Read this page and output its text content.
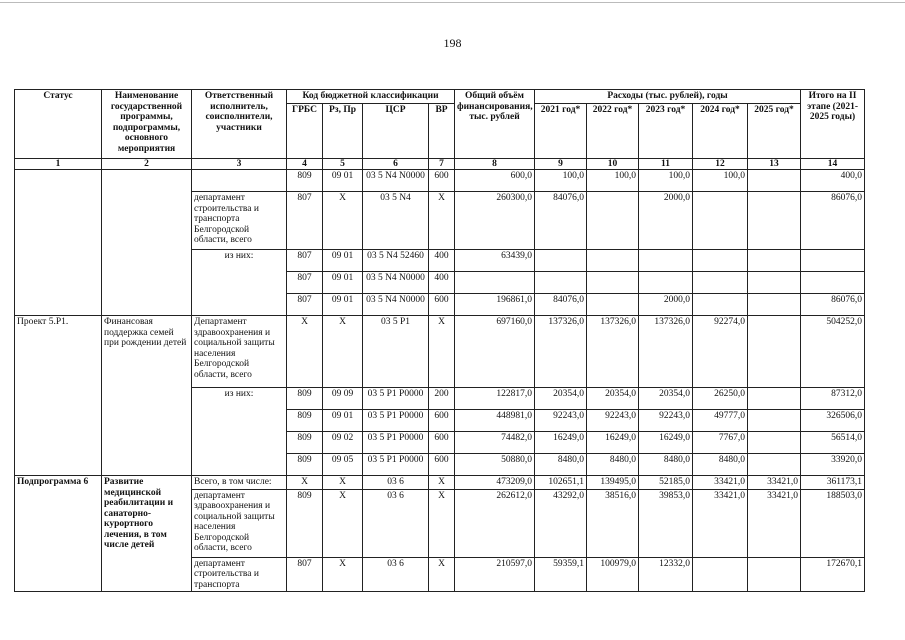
198
Статус	Наименование государственной программы, подпрограммы, основного мероприятия	Ответственный исполнитель, соисполнители, участники	Код бюджетной классификации				Общий объём финансирования, тыс. рублей	Расходы (тыс. рублей), годы					Итого на II этапе (2021-2025 годы)
			ГРБС	Рз, Пр	ЦСР	ВР		2021 год*	2022 год*	2023 год*	2024 год*	2025 год*	
1	2	3	4	5	6	7	8	9	10	11	12	13	14
			809	09 01	03 5 N4 N0000	600	600,0	100,0	100,0	100,0	100,0		400,0
		департамент строительства и транспорта Белгородской области, всего	807	Х	03 5 N4	Х	260300,0	84076,0		2000,0			86076,0
		из них:	807	09 01	03 5 N4 52460	400	63439,0						
			807	09 01	03 5 N4 N0000	400							
			807	09 01	03 5 N4 N0000	600	196861,0	84076,0		2000,0			86076,0
Проект 5.Р1.	Финансовая поддержка семей при рождении детей	Департамент здравоохранения и социальной защиты населения Белгородской области, всего	Х	Х	03 5 Р1	Х	697160,0	137326,0	137326,0	137326,0	92274,0		504252,0
		из них:	809	09 09	03 5 Р1 Р0000	200	122817,0	20354,0	20354,0	20354,0	26250,0		87312,0
			809	09 01	03 5 Р1 Р0000	600	448981,0	92243,0	92243,0	92243,0	49777,0		326506,0
			809	09 02	03 5 Р1 Р0000	600	74482,0	16249,0	16249,0	16249,0	7767,0		56514,0
			809	09 05	03 5 Р1 Р0000	600	50880,0	8480,0	8480,0	8480,0	8480,0		33920,0
Подпрограмма 6	Развитие медицинской реабилитации и санаторно-курортного лечения, в том числе детей	Всего, в том числе:	Х	Х	03 6	Х	473209,0	102651,1	139495,0	52185,0	33421,0	33421,0	361173,1
		департамент здравоохранения и социальной защиты населения Белгородской области, всего	809	Х	03 6	Х	262612,0	43292,0	38516,0	39853,0	33421,0	33421,0	188503,0
		департамент строительства и транспорта	807	Х	03 6	Х	210597,0	59359,1	100979,0	12332,0			172670,1
